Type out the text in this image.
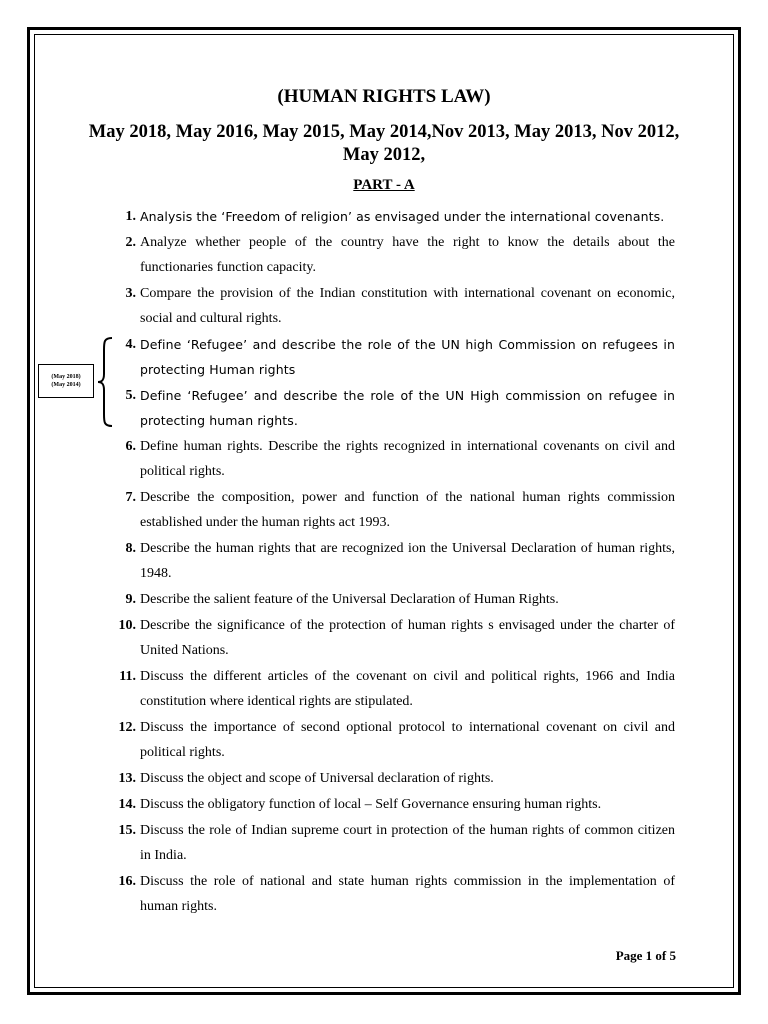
(HUMAN RIGHTS LAW)
May 2018, May 2016, May 2015, May 2014,Nov 2013, May 2013, Nov 2012, May 2012,
PART - A
(May 2018)
(May 2014)
1. Analysis the ‘Freedom of religion’ as envisaged under the international covenants.
2. Analyze whether people of the country have the right to know the details about the functionaries function capacity.
3. Compare the provision of the Indian constitution with international covenant on economic, social and cultural rights.
4. Define ‘Refugee’ and describe the role of the UN high Commission on refugees in protecting Human rights
5. Define ‘Refugee’ and describe the role of the UN High commission on refugee in protecting human rights.
6. Define human rights. Describe the rights recognized in international covenants on civil and political rights.
7. Describe the composition, power and function of the national human rights commission established under the human rights act 1993.
8. Describe the human rights that are recognized ion the Universal Declaration of human rights, 1948.
9. Describe the salient feature of the Universal Declaration of Human Rights.
10. Describe the significance of the protection of human rights s envisaged under the charter of United Nations.
11. Discuss the different articles of the covenant on civil and political rights, 1966 and India constitution where identical rights are stipulated.
12. Discuss the importance of second optional protocol to international covenant on civil and political rights.
13. Discuss the object and scope of Universal declaration of rights.
14. Discuss the obligatory function of local – Self Governance ensuring human rights.
15. Discuss the role of Indian supreme court in protection of the human rights of common citizen in India.
16. Discuss the role of national and state human rights commission in the implementation of human rights.
Page 1 of 5
